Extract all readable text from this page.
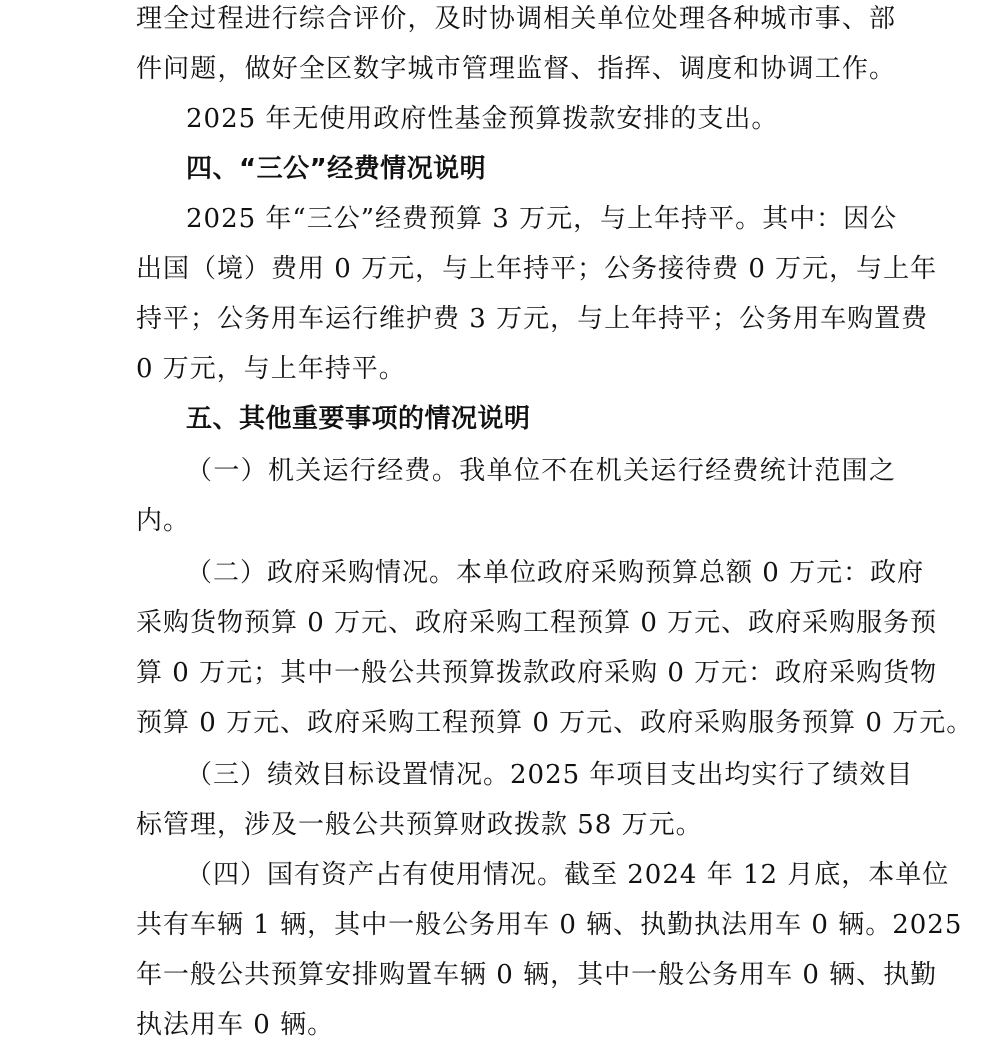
理全过程进行综合评价，及时协调相关单位处理各种城市事、部
件问题，做好全区数字城市管理监督、指挥、调度和协调工作。
2025 年无使用政府性基金预算拨款安排的支出。
四、“三公”经费情况说明
2025 年“三公”经费预算 3 万元，与上年持平。其中：因公
出国（境）费用 0 万元，与上年持平；公务接待费 0 万元，与上年
持平；公务用车运行维护费 3 万元，与上年持平；公务用车购置费
0 万元，与上年持平。
五、其他重要事项的情况说明
（一）机关运行经费。我单位不在机关运行经费统计范围之
内。
（二）政府采购情况。本单位政府采购预算总额 0 万元：政府
采购货物预算 0 万元、政府采购工程预算 0 万元、政府采购服务预
算 0 万元；其中一般公共预算拨款政府采购 0 万元：政府采购货物
预算 0 万元、政府采购工程预算 0 万元、政府采购服务预算 0 万元。
（三）绩效目标设置情况。2025 年项目支出均实行了绩效目
标管理，涉及一般公共预算财政拨款 58 万元。
（四）国有资产占有使用情况。截至 2024 年 12 月底，本单位
共有车辆 1 辆，其中一般公务用车 0 辆、执勤执法用车 0 辆。2025
年一般公共预算安排购置车辆 0 辆，其中一般公务用车 0 辆、执勤
执法用车 0 辆。
